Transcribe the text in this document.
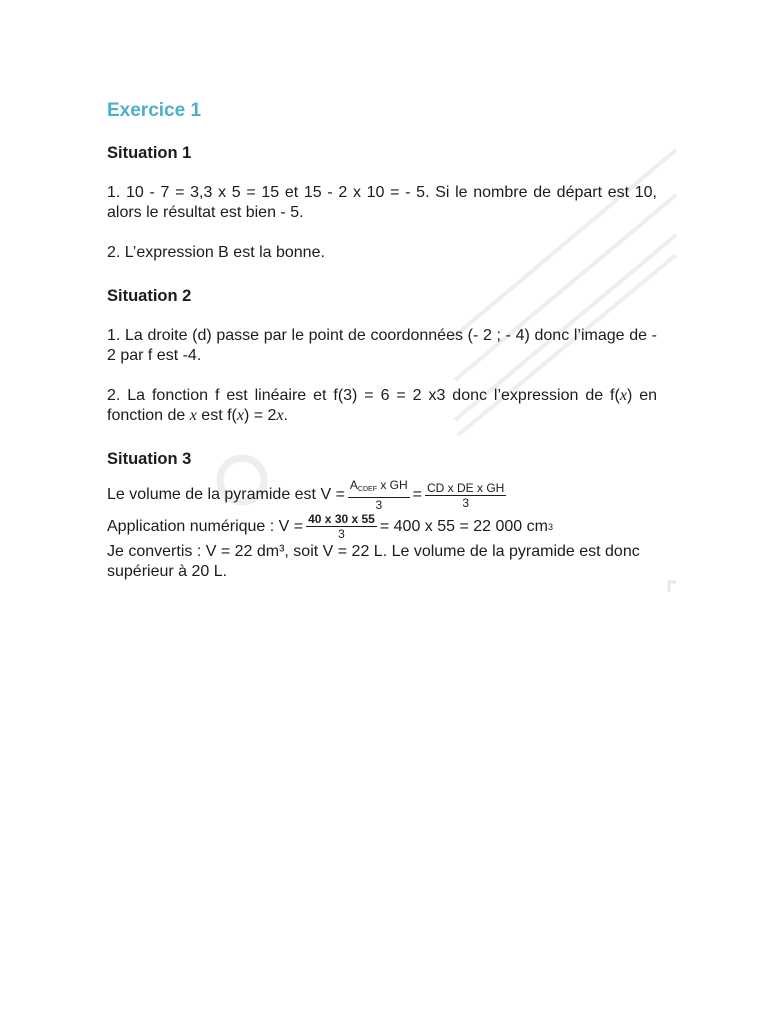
Exercice 1
Situation 1
1. 10 - 7 = 3,3 x 5 = 15 et 15 - 2 x 10 = - 5. Si le nombre de départ est 10, alors le résultat est bien - 5.
2. L’expression B est la bonne.
Situation 2
1. La droite (d) passe par le point de coordonnées (- 2 ; - 4) donc l’image de - 2 par f est -4.
2. La fonction f est linéaire et f(3) = 6 = 2 x3 donc l’expression de f(x) en fonction de x est f(x) = 2x.
Situation 3
Le volume de la pyramide est $V = \frac{A_{CDEF} x GH}{3} = \frac{\text{CD x DE x GH}}{3}$
Application numérique : $V = \frac{40 x 30 x 55}{3} = 400$ x 55 = 22 000 cm 3
Je convertis : V = 22 dm³, soit V = 22 L. Le volume de la pyramide est donc supérieur à 20 L.
